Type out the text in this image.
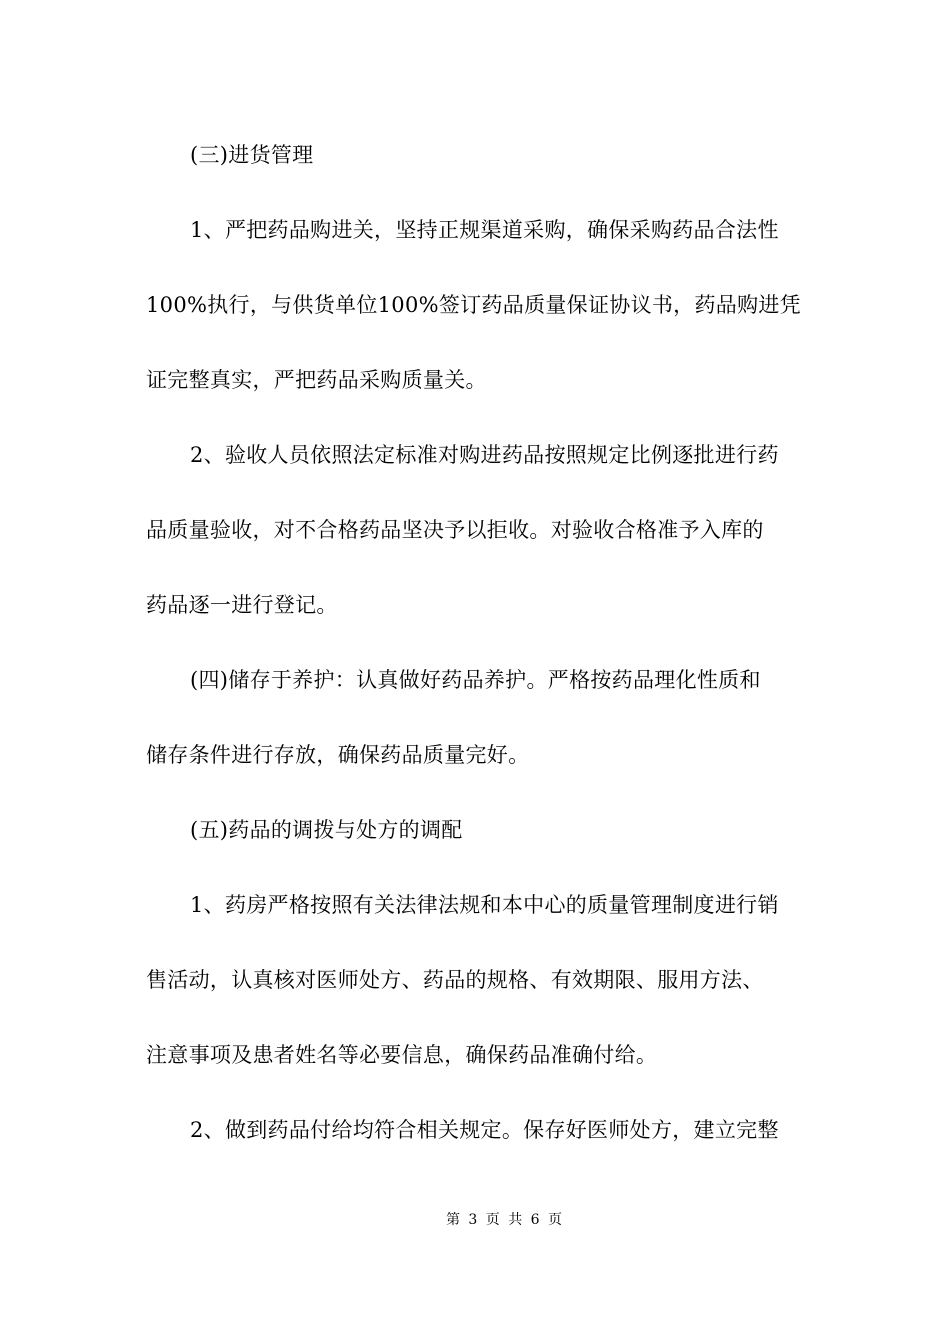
(三)进货管理
1、严把药品购进关，坚持正规渠道采购，确保采购药品合法性
100%执行，与供货单位100%签订药品质量保证协议书，药品购进凭
证完整真实，严把药品采购质量关。
2、验收人员依照法定标准对购进药品按照规定比例逐批进行药
品质量验收，对不合格药品坚决予以拒收。对验收合格准予入库的
药品逐一进行登记。
(四)储存于养护：认真做好药品养护。严格按药品理化性质和
储存条件进行存放，确保药品质量完好。
(五)药品的调拨与处方的调配
1、药房严格按照有关法律法规和本中心的质量管理制度进行销
售活动，认真核对医师处方、药品的规格、有效期限、服用方法、
注意事项及患者姓名等必要信息，确保药品准确付给。
2、做到药品付给均符合相关规定。保存好医师处方，建立完整
第 3 页 共 6 页
